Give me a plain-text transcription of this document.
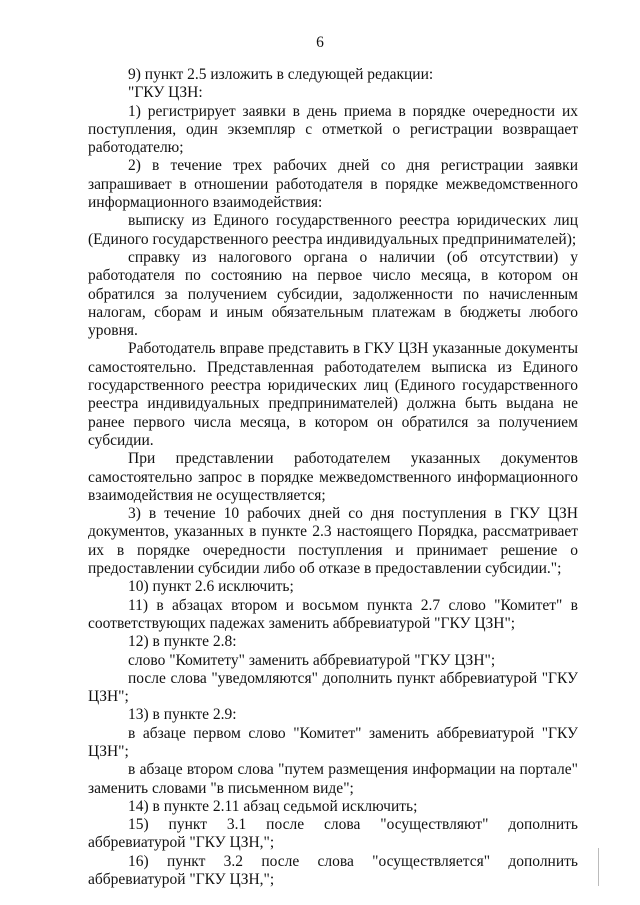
6

9) пункт 2.5 изложить в следующей редакции:

"ГКУ ЦЗН:

1) регистрирует заявки в день приема в порядке очередности их поступления, один экземпляр с отметкой о регистрации возвращает работодателю;

2) в течение трех рабочих дней со дня регистрации заявки запрашивает в отношении работодателя в порядке межведомственного информационного взаимодействия:

выписку из Единого государственного реестра юридических лиц (Единого государственного реестра индивидуальных предпринимателей);

справку из налогового органа о наличии (об отсутствии) у работодателя по состоянию на первое число месяца, в котором он обратился за получением субсидии, задолженности по начисленным налогам, сборам и иным обязательным платежам в бюджеты любого уровня.

Работодатель вправе представить в ГКУ ЦЗН указанные документы самостоятельно. Представленная работодателем выписка из Единого государственного реестра юридических лиц (Единого государственного реестра индивидуальных предпринимателей) должна быть выдана не ранее первого числа месяца, в котором он обратился за получением субсидии.

При представлении работодателем указанных документов самостоятельно запрос в порядке межведомственного информационного взаимодействия не осуществляется;

3) в течение 10 рабочих дней со дня поступления в ГКУ ЦЗН документов, указанных в пункте 2.3 настоящего Порядка, рассматривает их в порядке очередности поступления и принимает решение о предоставлении субсидии либо об отказе в предоставлении субсидии.";

10) пункт 2.6 исключить;

11) в абзацах втором и восьмом пункта 2.7 слово "Комитет" в соответствующих падежах заменить аббревиатурой "ГКУ ЦЗН";

12) в пункте 2.8:

слово "Комитету" заменить аббревиатурой "ГКУ ЦЗН";

после слова "уведомляются" дополнить пункт аббревиатурой "ГКУ ЦЗН";

13) в пункте 2.9:

в абзаце первом слово "Комитет" заменить аббревиатурой "ГКУ ЦЗН";

в абзаце втором слова "путем размещения информации на портале" заменить словами "в письменном виде";

14) в пункте 2.11 абзац седьмой исключить;

15) пункт 3.1 после слова "осуществляют" дополнить аббревиатурой "ГКУ ЦЗН,";

16) пункт 3.2 после слова "осуществляется" дополнить аббревиатурой "ГКУ ЦЗН,";
